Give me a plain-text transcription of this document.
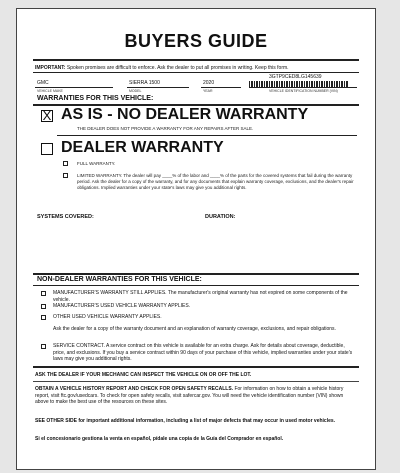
BUYERS GUIDE
IMPORTANT: Spoken promises are difficult to enforce. Ask the dealer to put all promises in writing. Keep this form.
GMC	SIERRA 1500	2020
3GTP9CED8LG145639
VEHICLE MAKE	MODEL	YEAR	VEHICLE IDENTIFICATION NUMBER (VIN)
WARRANTIES FOR THIS VEHICLE:
X AS IS - NO DEALER WARRANTY
THE DEALER DOES NOT PROVIDE A WARRANTY FOR ANY REPAIRS AFTER SALE.
DEALER WARRANTY
FULL WARRANTY.
LIMITED WARRANTY. The dealer will pay ____% of the labor and ____% of the parts for the covered systems that fail during the warranty period. Ask the dealer for a copy of the warranty, and for any documents that explain warranty coverage, exclusions, and the dealer's repair obligations. Implied warranties under your state's laws may give you additional rights.
SYSTEMS COVERED:	DURATION:
NON-DEALER WARRANTIES FOR THIS VEHICLE:
MANUFACTURER'S WARRANTY STILL APPLIES. The manufacturer's original warranty has not expired on some components of the vehicle.
MANUFACTURER'S USED VEHICLE WARRANTY APPLIES.
OTHER USED VEHICLE WARRANTY APPLIES.
Ask the dealer for a copy of the warranty document and an explanation of warranty coverage, exclusions, and repair obligations.
SERVICE CONTRACT. A service contract on this vehicle is available for an extra charge. Ask for details about coverage, deductible, price, and exclusions. If you buy a service contract within 90 days of your purchase of this vehicle, implied warranties under your state's laws may give you additional rights.
ASK THE DEALER IF YOUR MECHANIC CAN INSPECT THE VEHICLE ON OR OFF THE LOT.
OBTAIN A VEHICLE HISTORY REPORT AND CHECK FOR OPEN SAFETY RECALLS. For information on how to obtain a vehicle history report, visit ftc.gov/usedcars. To check for open safety recalls, visit safercar.gov. You will need the vehicle identification number (VIN) shown above to make the best use of the resources on these sites.
SEE OTHER SIDE for important additional information, including a list of major defects that may occur in used motor vehicles.
Si el concesionario gestiona la venta en español, pídale una copia de la Guía del Comprador en español.
